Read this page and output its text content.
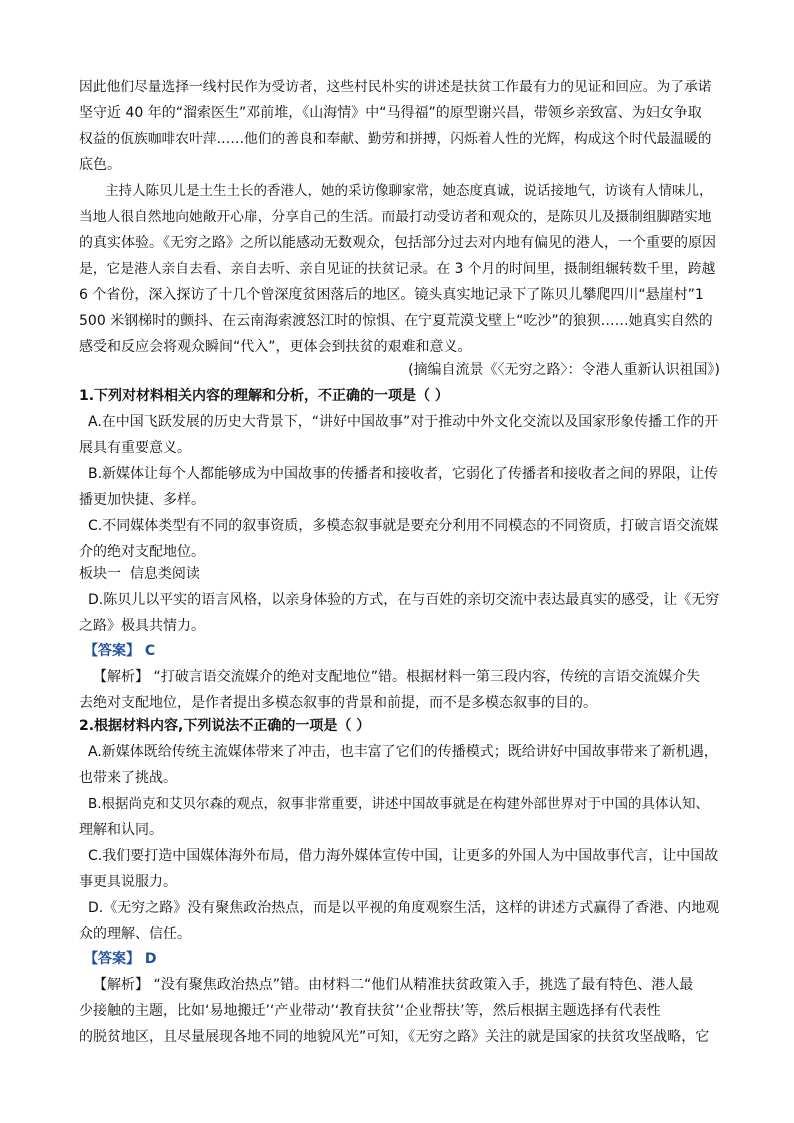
因此他们尽量选择一线村民作为受访者，这些村民朴实的讲述是扶贫工作最有力的见证和回应。为了承诺
坚守近 40 年的“溜索医生”邓前堆，《山海情》中“马得福”的原型谢兴昌，带领乡亲致富、为妇女争取
权益的佤族咖啡农叶萍……他们的善良和奉献、勤劳和拼搏，闪烁着人性的光辉，构成这个时代最温暖的
底色。
主持人陈贝儿是土生土长的香港人，她的采访像聊家常，她态度真诚，说话接地气，访谈有人情味儿，
当地人很自然地向她敞开心扉，分享自己的生活。而最打动受访者和观众的，是陈贝儿及摄制组脚踏实地
的真实体验。《无穷之路》之所以能感动无数观众，包括部分过去对内地有偏见的港人，一个重要的原因
是，它是港人亲自去看、亲自去听、亲自见证的扶贫记录。在 3 个月的时间里，摄制组辗转数千里，跨越
6 个省份，深入探访了十几个曾深度贫困落后的地区。镜头真实地记录下了陈贝儿攀爬四川“悬崖村”1
500 米钢梯时的颤抖、在云南海索渡怒江时的惊惧、在宁夏荒漠戈壁上“吃沙”的狼狈……她真实自然的
感受和反应会将观众瞬间“代入”，更体会到扶贫的艰难和意义。
(摘编自流景《〈无穷之路〉：令港人重新认识祖国》)
1.下列对材料相关内容的理解和分析，不正确的一项是（ ）
A.在中国飞跃发展的历史大背景下，“讲好中国故事”对于推动中外文化交流以及国家形象传播工作的开
展具有重要意义。
B.新媒体让每个人都能够成为中国故事的传播者和接收者，它弱化了传播者和接收者之间的界限，让传
播更加快捷、多样。
C.不同媒体类型有不同的叙事资质，多模态叙事就是要充分利用不同模态的不同资质，打破言语交流媒
介的绝对支配地位。
板块一  信息类阅读
D.陈贝儿以平实的语言风格，以亲身体验的方式，在与百姓的亲切交流中表达最真实的感受，让《无穷
之路》极具共情力。
【答案】 C
【解析】 “打破言语交流媒介的绝对支配地位”错。根据材料一第三段内容，传统的言语交流媒介失
去绝对支配地位，是作者提出多模态叙事的背景和前提，而不是多模态叙事的目的。
2.根据材料内容,下列说法不正确的一项是（ ）
A.新媒体既给传统主流媒体带来了冲击，也丰富了它们的传播模式；既给讲好中国故事带来了新机遇，
也带来了挑战。
B.根据尚克和艾贝尔森的观点，叙事非常重要，讲述中国故事就是在构建外部世界对于中国的具体认知、
理解和认同。
C.我们要打造中国媒体海外布局，借力海外媒体宣传中国，让更多的外国人为中国故事代言，让中国故
事更具说服力。
D.《无穷之路》没有聚焦政治热点，而是以平视的角度观察生活，这样的讲述方式赢得了香港、内地观
众的理解、信任。
【答案】 D
【解析】 “没有聚焦政治热点”错。由材料二“他们从精准扶贫政策入手，挑选了最有特色、港人最
少接触的主题，比如‘易地搬迁’‘产业带动’‘教育扶贫’‘企业帮扶’等，然后根据主题选择有代表性
的脱贫地区，且尽量展现各地不同的地貌风光”可知，《无穷之路》关注的就是国家的扶贫攻坚战略，它
